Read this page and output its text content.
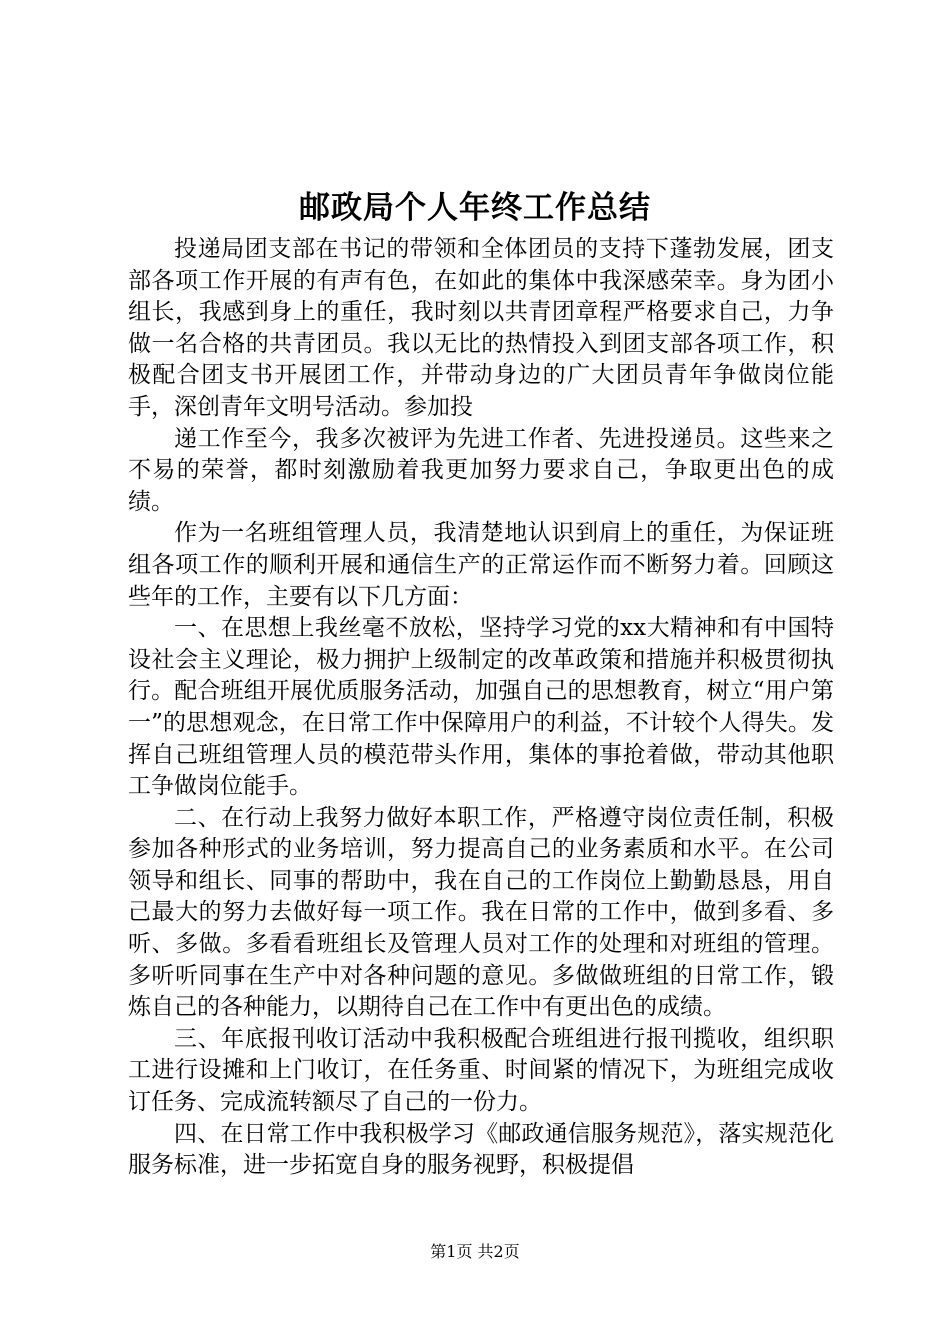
邮政局个人年终工作总结

投递局团支部在书记的带领和全体团员的支持下蓬勃发展，团支部各项工作开展的有声有色，在如此的集体中我深感荣幸。身为团小组长，我感到身上的重任，我时刻以共青团章程严格要求自己，力争做一名合格的共青团员。我以无比的热情投入到团支部各项工作，积极配合团支书开展团工作，并带动身边的广大团员青年争做岗位能手，深创青年文明号活动。参加投

递工作至今，我多次被评为先进工作者、先进投递员。这些来之不易的荣誉，都时刻激励着我更加努力要求自己，争取更出色的成绩。

作为一名班组管理人员，我清楚地认识到肩上的重任，为保证班组各项工作的顺利开展和通信生产的正常运作而不断努力着。回顾这些年的工作，主要有以下几方面：

一、在思想上我丝毫不放松，坚持学习党的xx大精神和有中国特设社会主义理论，极力拥护上级制定的改革政策和措施并积极贯彻执行。配合班组开展优质服务活动，加强自己的思想教育，树立“用户第一”的思想观念，在日常工作中保障用户的利益，不计较个人得失。发挥自己班组管理人员的模范带头作用，集体的事抢着做，带动其他职工争做岗位能手。

二、在行动上我努力做好本职工作，严格遵守岗位责任制，积极参加各种形式的业务培训，努力提高自己的业务素质和水平。在公司领导和组长、同事的帮助中，我在自己的工作岗位上勤勤恳恳，用自己最大的努力去做好每一项工作。我在日常的工作中，做到多看、多听、多做。多看看班组长及管理人员对工作的处理和对班组的管理。多听听同事在生产中对各种问题的意见。多做做班组的日常工作，锻炼自己的各种能力，以期待自己在工作中有更出色的成绩。

三、年底报刊收订活动中我积极配合班组进行报刊揽收，组织职工进行设摊和上门收订，在任务重、时间紧的情况下，为班组完成收订任务、完成流转额尽了自己的一份力。

四、在日常工作中我积极学习《邮政通信服务规范》，落实规范化服务标准，进一步拓宽自身的服务视野，积极提倡

第1页 共2页
